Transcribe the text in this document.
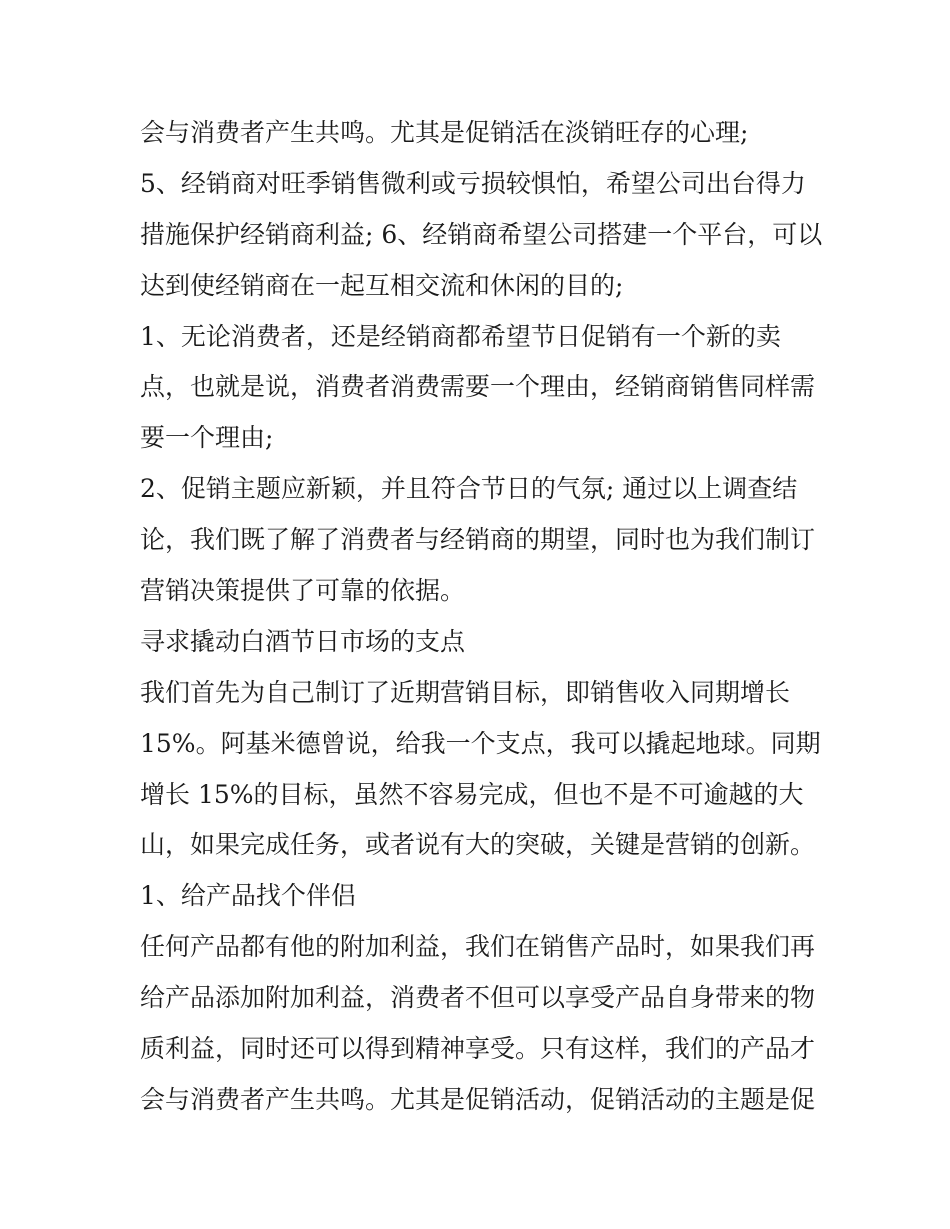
会与消费者产生共鸣。尤其是促销活在淡销旺存的心理;

5、经销商对旺季销售微利或亏损较惧怕，希望公司出台得力

措施保护经销商利益; 6、经销商希望公司搭建一个平台，可以

达到使经销商在一起互相交流和休闲的目的;

1、无论消费者，还是经销商都希望节日促销有一个新的卖

点，也就是说，消费者消费需要一个理由，经销商销售同样需

要一个理由;

2、促销主题应新颖，并且符合节日的气氛; 通过以上调查结

论，我们既了解了消费者与经销商的期望，同时也为我们制订

营销决策提供了可靠的依据。

寻求撬动白酒节日市场的支点

我们首先为自己制订了近期营销目标，即销售收入同期增长

15%。阿基米德曾说，给我一个支点，我可以撬起地球。同期

增长 15%的目标，虽然不容易完成，但也不是不可逾越的大

山，如果完成任务，或者说有大的突破，关键是营销的创新。

1、给产品找个伴侣

任何产品都有他的附加利益，我们在销售产品时，如果我们再

给产品添加附加利益，消费者不但可以享受产品自身带来的物

质利益，同时还可以得到精神享受。只有这样，我们的产品才

会与消费者产生共鸣。尤其是促销活动，促销活动的主题是促
